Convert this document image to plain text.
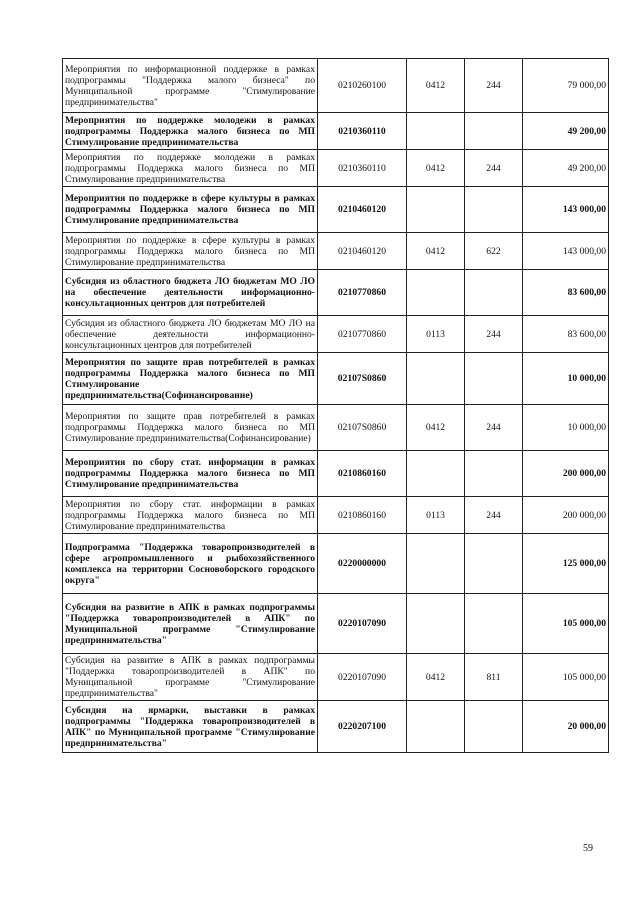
Мероприятия по информационной поддержке в рамках подпрограммы "Поддержка малого бизнеса" по Муниципальной программе "Стимулирование предпринимательства"	0210260100	0412	244	79 000,00
Мероприятия по поддержке молодежи в рамках подпрограммы Поддержка малого бизнеса по МП Стимулирование предпринимательства	0210360110			49 200,00
Мероприятия по поддержке молодежи в рамках подпрограммы Поддержка малого бизнеса по МП Стимулирование предпринимательства	0210360110	0412	244	49 200,00
Мероприятия по поддержке в сфере культуры в рамках подпрограммы Поддержка малого бизнеса по МП Стимулирование предпринимательства	0210460120			143 000,00
Мероприятия по поддержке в сфере культуры в рамках подпрограммы Поддержка малого бизнеса по МП Стимулирование предпринимательства	0210460120	0412	622	143 000,00
Субсидия из областного бюджета ЛО бюджетам МО ЛО на обеспечение деятельности информационно-консультационных центров для потребителей	0210770860			83 600,00
Субсидия из областного бюджета ЛО бюджетам МО ЛО на обеспечение деятельности информационно-консультационных центров для потребителей	0210770860	0113	244	83 600,00
Мероприятия по защите прав потребителей в рамках подпрограммы Поддержка малого бизнеса по МП Стимулирование предпринимательства(Софинансирование)	02107S0860			10 000,00
Мероприятия по защите прав потребителей в рамках подпрограммы Поддержка малого бизнеса по МП Стимулирование предпринимательства(Софинансирование)	02107S0860	0412	244	10 000,00
Мероприятия по сбору стат. информации в рамках подпрограммы Поддержка малого бизнеса по МП Стимулирование предпринимательства	0210860160			200 000,00
Мероприятия по сбору стат. информации в рамках подпрограммы Поддержка малого бизнеса по МП Стимулирование предпринимательства	0210860160	0113	244	200 000,00
Подпрограмма "Поддержка товаропроизводителей в сфере агропромышленного и рыбохозяйственного комплекса на территории Сосновоборского городского округа"	0220000000			125 000,00
Субсидия на развитие в АПК в рамках подпрограммы "Поддержка товаропроизводителей в АПК" по Муниципальной программе "Стимулирование предпринимательства"	0220107090			105 000,00
Субсидия на развитие в АПК в рамках подпрограммы "Поддержка товаропроизводителей в АПК" по Муниципальной программе "Стимулирование предпринимательства"	0220107090	0412	811	105 000,00
Субсидия на ярмарки, выставки в рамках подпрограммы "Поддержка товаропроизводителей в АПК" по Муниципальной программе "Стимулирование предпринимательства"	0220207100			20 000,00
59
